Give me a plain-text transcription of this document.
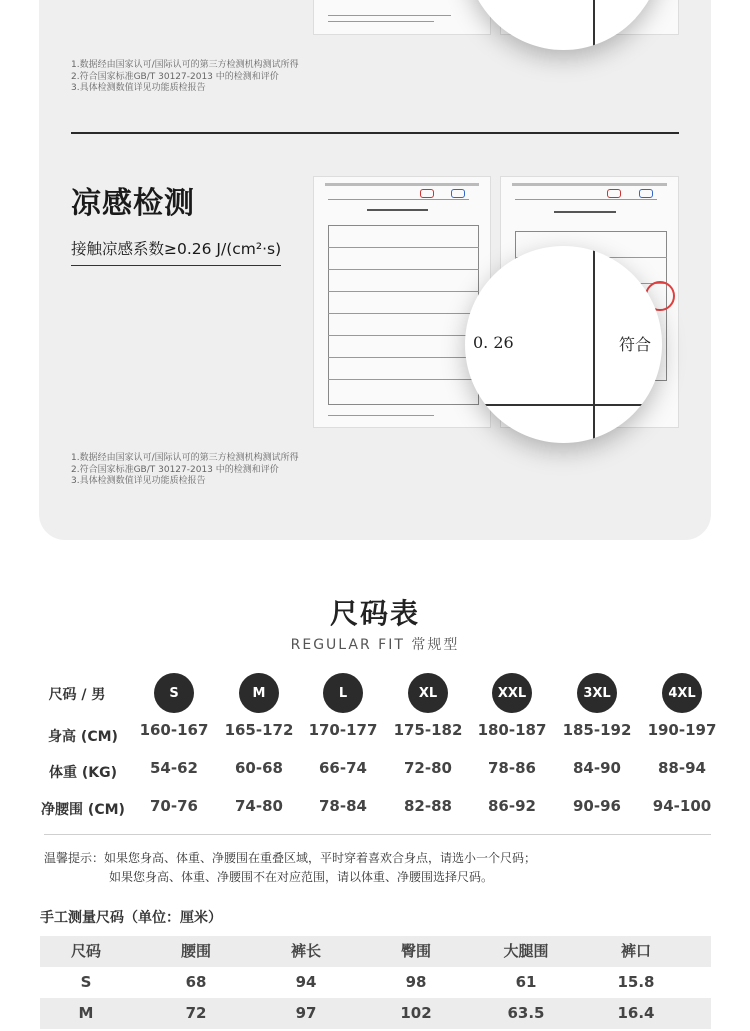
1.数据经由国家认可/国际认可的第三方检测机构测试所得
2.符合国家标准GB/T 30127-2013 中的检测和评价
3.具体检测数值详见功能质检报告
凉感检测
接触凉感系数≥0.26 J/(cm²·s)
0. 26	符合
1.数据经由国家认可/国际认可的第三方检测机构测试所得
2.符合国家标准GB/T 30127-2013 中的检测和评价
3.具体检测数值详见功能质检报告
尺码表
REGULAR FIT 常规型
尺码 / 男	S	M	L	XL	XXL	3XL	4XL
身高 (CM)	160-167	165-172	170-177	175-182	180-187	185-192	190-197
体重 (KG)	54-62	60-68	66-74	72-80	78-86	84-90	88-94
净腰围 (CM)	70-76	74-80	78-84	82-88	86-92	90-96	94-100
温馨提示：如果您身高、体重、净腰围在重叠区域，平时穿着喜欢合身点，请选小一个尺码；
如果您身高、体重、净腰围不在对应范围，请以体重、净腰围选择尺码。
手工测量尺码（单位：厘米）
尺码	腰围	裤长	臀围	大腿围	裤口
S	68	94	98	61	15.8
M	72	97	102	63.5	16.4
